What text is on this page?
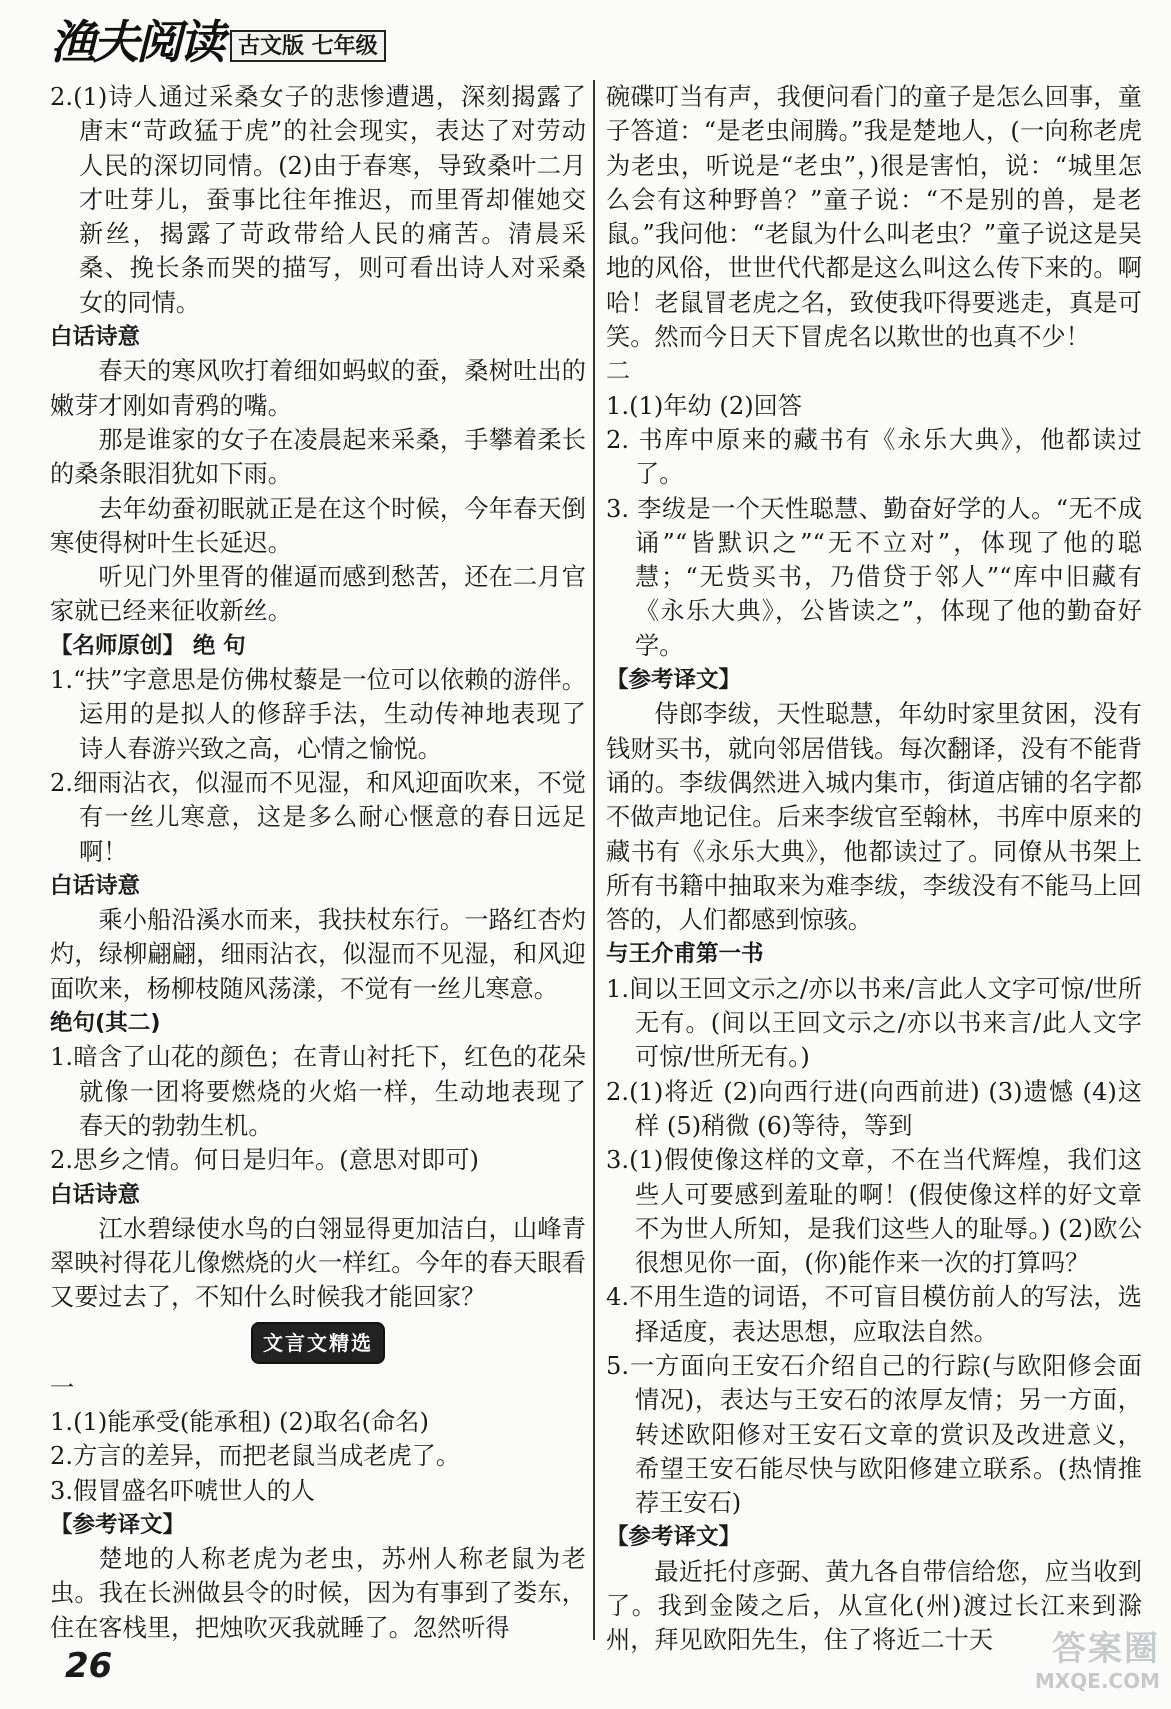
渔夫阅读 古文版 七年级

2.(1)诗人通过采桑女子的悲惨遭遇，深刻揭露了唐末“苛政猛于虎”的社会现实，表达了对劳动人民的深切同情。(2)由于春寒，导致桑叶二月才吐芽儿，蚕事比往年推迟，而里胥却催她交新丝，揭露了苛政带给人民的痛苦。清晨采桑、挽长条而哭的描写，则可看出诗人对采桑女的同情。

白话诗意

春天的寒风吹打着细如蚂蚁的蚕，桑树吐出的嫩芽才刚如青鸦的嘴。

那是谁家的女子在凌晨起来采桑，手攀着柔长的桑条眼泪犹如下雨。

去年幼蚕初眠就正是在这个时候，今年春天倒寒使得树叶生长延迟。

听见门外里胥的催逼而感到愁苦，还在二月官家就已经来征收新丝。

【名师原创】 绝 句

1.“扶”字意思是仿佛杖藜是一位可以依赖的游伴。运用的是拟人的修辞手法，生动传神地表现了诗人春游兴致之高，心情之愉悦。

2.细雨沾衣，似湿而不见湿，和风迎面吹来，不觉有一丝儿寒意，这是多么耐心惬意的春日远足啊！

白话诗意

乘小船沿溪水而来，我扶杖东行。一路红杏灼灼，绿柳翩翩，细雨沾衣，似湿而不见湿，和风迎面吹来，杨柳枝随风荡漾，不觉有一丝儿寒意。

绝句(其二)

1.暗含了山花的颜色；在青山衬托下，红色的花朵就像一团将要燃烧的火焰一样，生动地表现了春天的勃勃生机。

2.思乡之情。何日是归年。(意思对即可)

白话诗意

江水碧绿使水鸟的白翎显得更加洁白，山峰青翠映衬得花儿像燃烧的火一样红。今年的春天眼看又要过去了，不知什么时候我才能回家？

文言文精选

一

1.(1)能承受(能承租) (2)取名(命名)

2.方言的差异，而把老鼠当成老虎了。

3.假冒盛名吓唬世人的人

【参考译文】

楚地的人称老虎为老虫，苏州人称老鼠为老虫。我在长洲做县令的时候，因为有事到了娄东，住在客栈里，把烛吹灭我就睡了。忽然听得

碗碟叮当有声，我便问看门的童子是怎么回事，童子答道：“是老虫闹腾。”我是楚地人，(一向称老虎为老虫，听说是“老虫”，)很是害怕，说：“城里怎么会有这种野兽？”童子说：“不是别的兽，是老鼠。”我问他：“老鼠为什么叫老虫？”童子说这是吴地的风俗，世世代代都是这么叫这么传下来的。啊哈！老鼠冒老虎之名，致使我吓得要逃走，真是可笑。然而今日天下冒虎名以欺世的也真不少！

二

1.(1)年幼 (2)回答

2. 书库中原来的藏书有《永乐大典》，他都读过了。

3. 李绂是一个天性聪慧、勤奋好学的人。“无不成诵”“皆默识之”“无不立对”，体现了他的聪慧；“无赀买书，乃借贷于邻人”“库中旧藏有《永乐大典》，公皆读之”，体现了他的勤奋好学。

【参考译文】

侍郎李绂，天性聪慧，年幼时家里贫困，没有钱财买书，就向邻居借钱。每次翻译，没有不能背诵的。李绂偶然进入城内集市，街道店铺的名字都不做声地记住。后来李绂官至翰林，书库中原来的藏书有《永乐大典》，他都读过了。同僚从书架上所有书籍中抽取来为难李绂，李绂没有不能马上回答的，人们都感到惊骇。

与王介甫第一书

1.间以王回文示之/亦以书来/言此人文字可惊/世所无有。(间以王回文示之/亦以书来言/此人文字可惊/世所无有。)

2.(1)将近 (2)向西行进(向西前进) (3)遗憾 (4)这样 (5)稍微 (6)等待，等到

3.(1)假使像这样的文章，不在当代辉煌，我们这些人可要感到羞耻的啊！(假使像这样的好文章不为世人所知，是我们这些人的耻辱。) (2)欧公很想见你一面，(你)能作来一次的打算吗？

4.不用生造的词语，不可盲目模仿前人的写法，选择适度，表达思想，应取法自然。

5.一方面向王安石介绍自己的行踪(与欧阳修会面情况)，表达与王安石的浓厚友情；另一方面，转述欧阳修对王安石文章的赏识及改进意义，希望王安石能尽快与欧阳修建立联系。(热情推荐王安石)

【参考译文】

最近托付彦弼、黄九各自带信给您，应当收到了。我到金陵之后，从宣化(州)渡过长江来到滁州，拜见欧阳先生，住了将近二十天

26	答案圈
MXQE.COM
